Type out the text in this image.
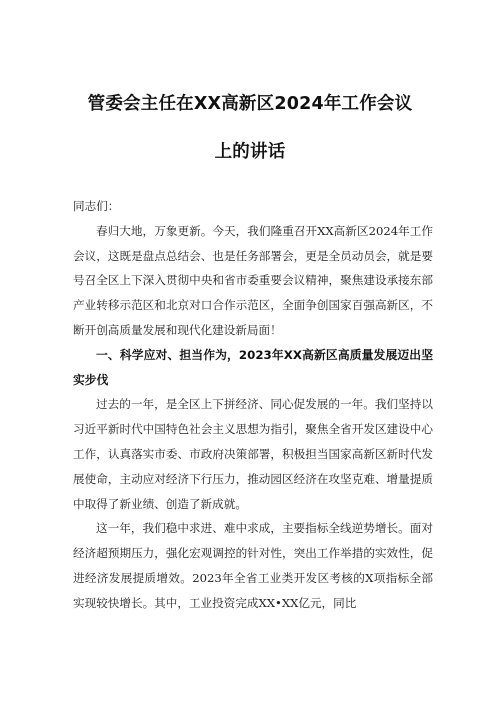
管委会主任在XX高新区2024年工作会议
上的讲话

同志们：

春归大地，万象更新。今天，我们隆重召开XX高新区2024年工作会议，这既是盘点总结会、也是任务部署会，更是全员动员会，就是要号召全区上下深入贯彻中央和省市委重要会议精神，聚焦建设承接东部产业转移示范区和北京对口合作示范区，全面争创国家百强高新区，不断开创高质量发展和现代化建设新局面！

一、科学应对、担当作为，2023年XX高新区高质量发展迈出坚实步伐

过去的一年，是全区上下拼经济、同心促发展的一年。我们坚持以习近平新时代中国特色社会主义思想为指引，聚焦全省开发区建设中心工作，认真落实市委、市政府决策部署，积极担当国家高新区新时代发展使命，主动应对经济下行压力，推动园区经济在攻坚克难、增量提质中取得了新业绩、创造了新成就。

这一年，我们稳中求进、难中求成，主要指标全线逆势增长。面对经济超预期压力，强化宏观调控的针对性，突出工作举措的实效性，促进经济发展提质增效。2023年全省工业类开发区考核的X项指标全部实现较快增长。其中，工业投资完成XX•XX亿元，同比
